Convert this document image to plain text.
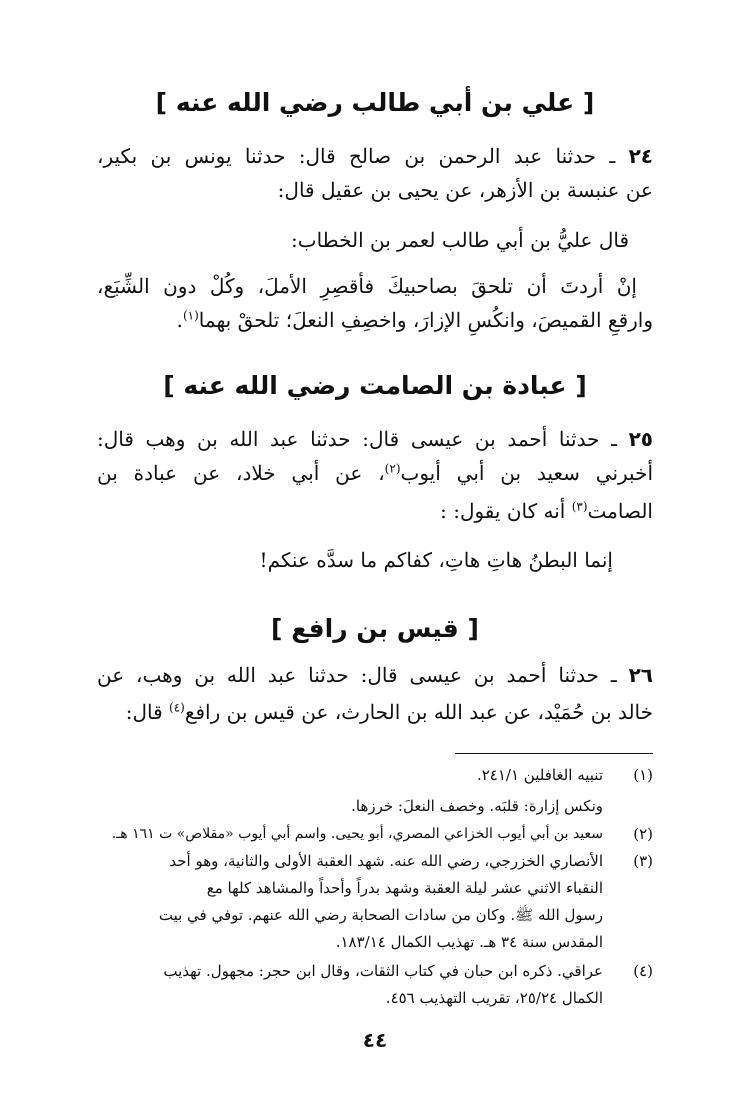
[ علي بن أبي طالب رضي الله عنه ]
٢٤ ـ حدثنا عبد الرحمن بن صالح قال: حدثنا يونس بن بكير،
عن عنبسة بن الأزهر، عن يحيى بن عقيل قال:
قال عليُّ بن أبي طالب لعمر بن الخطاب:
إنْ أردتَ أن تلحقَ بصاحبيكَ فأقصِرِ الأملَ، وكُلْ دون الشِّبَع،
وارقعِ القميصَ، وانكُسِ الإزارَ، واخصِفِ النعلَ؛ تلحقْ بهما$^{(١)}$.
[ عبادة بن الصامت رضي الله عنه ]
٢٥ ـ حدثنا أحمد بن عيسى قال: حدثنا عبد الله بن وهب قال:
أخبرني سعيد بن أبي أيوب$^{(٢)}$، عن أبي خلاد، عن عبادة بن
الصامت$^{(٣)}$ أنه كان يقول: :
إنما البطنُ هاتِ هاتِ، كفاكم ما سدَّه عنكم!
[ قيس بن رافع ]
٢٦ ـ حدثنا أحمد بن عيسى قال: حدثنا عبد الله بن وهب، عن
خالد بن حُمَيْد، عن عبد الله بن الحارث، عن قيس بن رافع$^{(٤)}$ قال:
(١)
تنبيه الغافلين ٢٤١/١.
ونكس إزارة: قلبَه. وخصف النعلَ: خرزها.
(٢)
سعيد بن أبي أيوب الخزاعي المصري، أبو يحيى. واسم أبي أيوب «مقلاص» ت ١٦١ هـ.
(٣)
الأنصاري الخزرجي، رضي الله عنه. شهد العقبة الأولى والثانية، وهو أحد
النقباء الاثني عشر ليلة العقبة وشهد بدراً وأحداً والمشاهد كلها مع
رسول الله ﷺ. وكان من سادات الصحابة رضي الله عنهم. توفي في بيت
المقدس سنة ٣٤ هـ. تهذيب الكمال ١٨٣/١٤.
(٤)
عراقي. ذكره ابن حبان في كتاب الثقات، وقال ابن حجر: مجهول. تهذيب
الكمال ٢٥/٢٤، تقريب التهذيب ٤٥٦.
٤٤
